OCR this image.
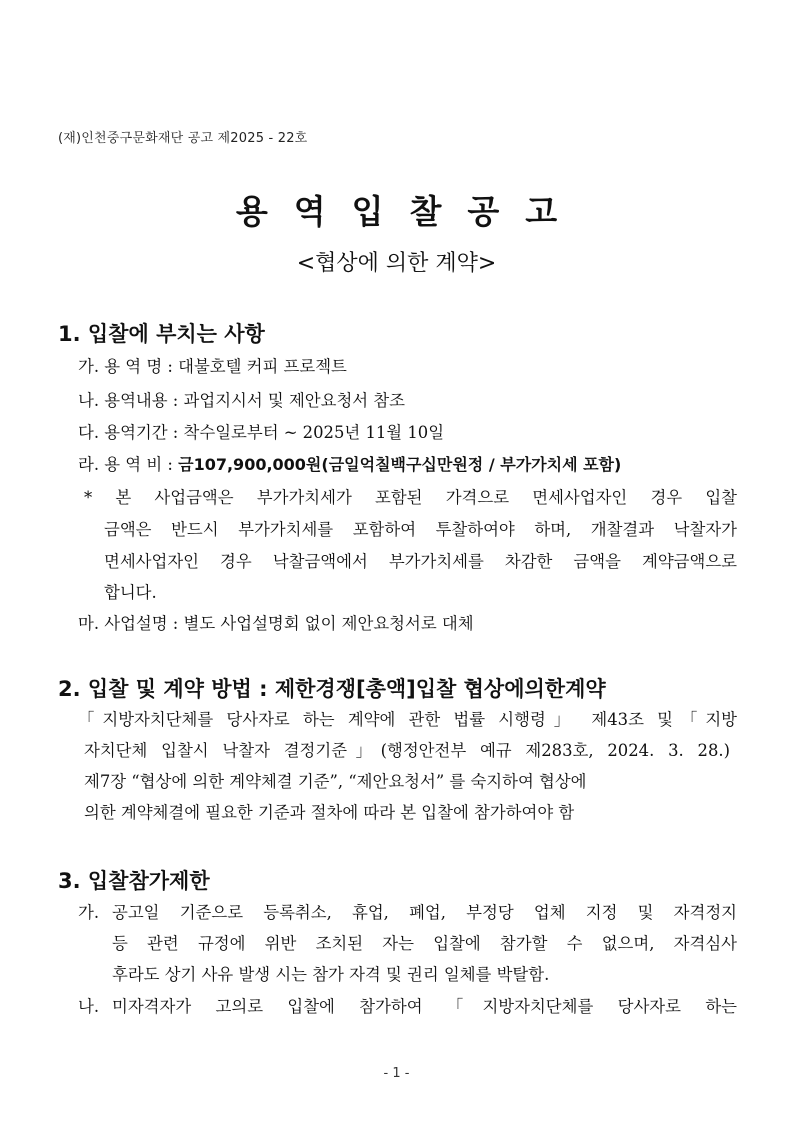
(재)인천중구문화재단 공고 제2025 - 22호
용 역 입 찰 공 고
<협상에 의한 계약>
1. 입찰에 부치는 사항
가. 용 역 명 : 대불호텔 커피 프로젝트
나. 용역내용 : 과업지시서 및 제안요청서 참조
다. 용역기간 : 착수일로부터 ~ 2025년 11월 10일
라. 용 역 비 : 금107,900,000원(금일억칠백구십만원정 / 부가가치세 포함)
* 본 사업금액은 부가가치세가 포함된 가격으로 면세사업자인 경우 입찰
금액은 반드시 부가가치세를 포함하여 투찰하여야 하며, 개찰결과 낙찰자가
면세사업자인 경우 낙찰금액에서 부가가치세를 차감한 금액을 계약금액으로
합니다.
마. 사업설명 : 별도 사업설명회 없이 제안요청서로 대체
2. 입찰 및 계약 방법 : 제한경쟁[총액]입찰 협상에의한계약
「지방자치단체를 당사자로 하는 계약에 관한 법률 시행령」 제43조 및「지방
자치단체 입찰시 낙찰자 결정기준」(행정안전부 예규 제283호, 2024. 3. 28.)
제7장 “협상에 의한 계약체결 기준”, “제안요청서” 를 숙지하여 협상에
의한 계약체결에 필요한 기준과 절차에 따라 본 입찰에 참가하여야 함
3. 입찰참가제한
가. 공고일 기준으로 등록취소, 휴업, 폐업, 부정당 업체 지정 및 자격정지
등 관련 규정에 위반 조치된 자는 입찰에 참가할 수 없으며, 자격심사
후라도 상기 사유 발생 시는 참가 자격 및 권리 일체를 박탈함.
나. 미자격자가 고의로 입찰에 참가하여 「지방자치단체를 당사자로 하는
- 1 -
